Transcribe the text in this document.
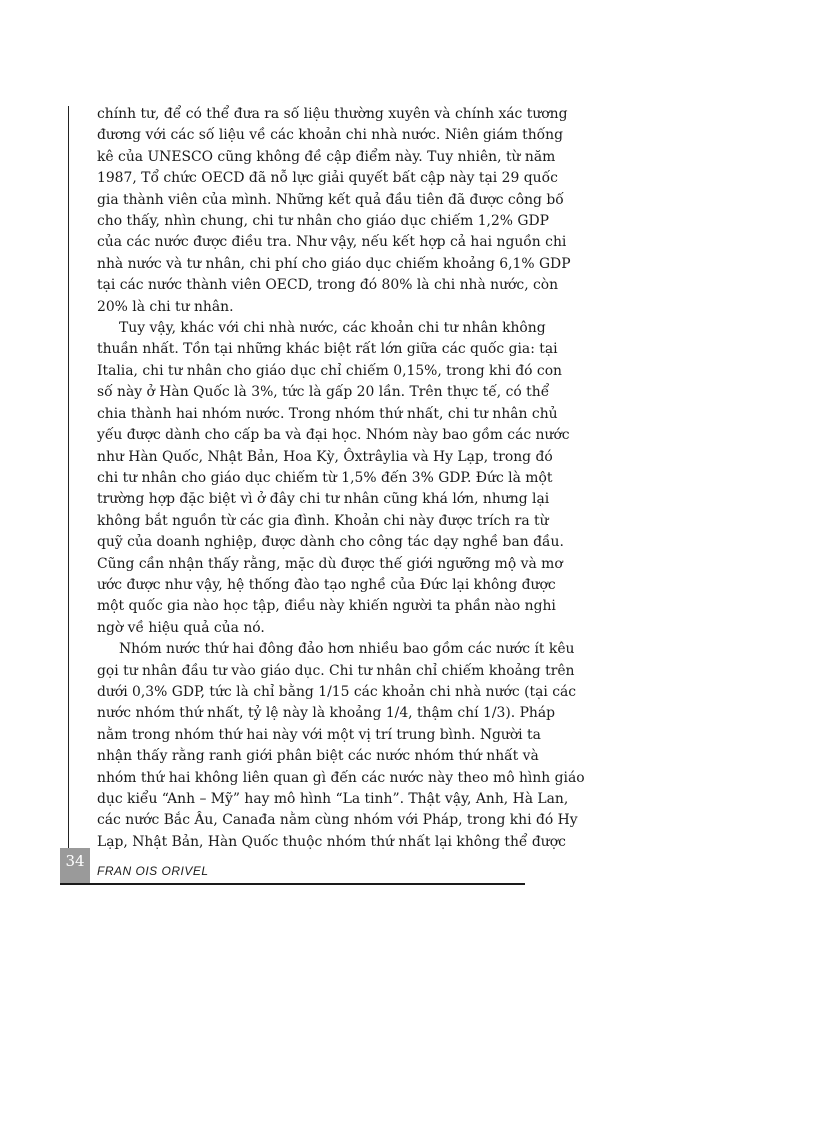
chính tư, để có thể đưa ra số liệu thường xuyên và chính xác tương
đương với các số liệu về các khoản chi nhà nước. Niên giám thống
kê của UNESCO cũng không đề cập điểm này. Tuy nhiên, từ năm
1987, Tổ chức OECD đã nỗ lực giải quyết bất cập này tại 29 quốc
gia thành viên của mình. Những kết quả đầu tiên đã được công bố
cho thấy, nhìn chung, chi tư nhân cho giáo dục chiếm 1,2% GDP
của các nước được điều tra. Như vậy, nếu kết hợp cả hai nguồn chi
nhà nước và tư nhân, chi phí cho giáo dục chiếm khoảng 6,1% GDP
tại các nước thành viên OECD, trong đó 80% là chi nhà nước, còn
20% là chi tư nhân.
Tuy vậy, khác với chi nhà nước, các khoản chi tư nhân không
thuần nhất. Tồn tại những khác biệt rất lớn giữa các quốc gia: tại
Italia, chi tư nhân cho giáo dục chỉ chiếm 0,15%, trong khi đó con
số này ở Hàn Quốc là 3%, tức là gấp 20 lần. Trên thực tế, có thể
chia thành hai nhóm nước. Trong nhóm thứ nhất, chi tư nhân chủ
yếu được dành cho cấp ba và đại học. Nhóm này bao gồm các nước
như Hàn Quốc, Nhật Bản, Hoa Kỳ, Ôxtrâylia và Hy Lạp, trong đó
chi tư nhân cho giáo dục chiếm từ 1,5% đến 3% GDP. Đức là một
trường hợp đặc biệt vì ở đây chi tư nhân cũng khá lớn, nhưng lại
không bắt nguồn từ các gia đình. Khoản chi này được trích ra từ
quỹ của doanh nghiệp, được dành cho công tác dạy nghề ban đầu.
Cũng cần nhận thấy rằng, mặc dù được thế giới ngưỡng mộ và mơ
ước được như vậy, hệ thống đào tạo nghề của Đức lại không được
một quốc gia nào học tập, điều này khiến người ta phần nào nghi
ngờ về hiệu quả của nó.
Nhóm nước thứ hai đông đảo hơn nhiều bao gồm các nước ít kêu
gọi tư nhân đầu tư vào giáo dục. Chi tư nhân chỉ chiếm khoảng trên
dưới 0,3% GDP, tức là chỉ bằng 1/15 các khoản chi nhà nước (tại các
nước nhóm thứ nhất, tỷ lệ này là khoảng 1/4, thậm chí 1/3). Pháp
nằm trong nhóm thứ hai này với một vị trí trung bình. Người ta
nhận thấy rằng ranh giới phân biệt các nước nhóm thứ nhất và
nhóm thứ hai không liên quan gì đến các nước này theo mô hình giáo
dục kiểu “Anh – Mỹ” hay mô hình “La tinh”. Thật vậy, Anh, Hà Lan,
các nước Bắc Âu, Canađa nằm cùng nhóm với Pháp, trong khi đó Hy
Lạp, Nhật Bản, Hàn Quốc thuộc nhóm thứ nhất lại không thể được
34
FRAN OIS ORIVEL
